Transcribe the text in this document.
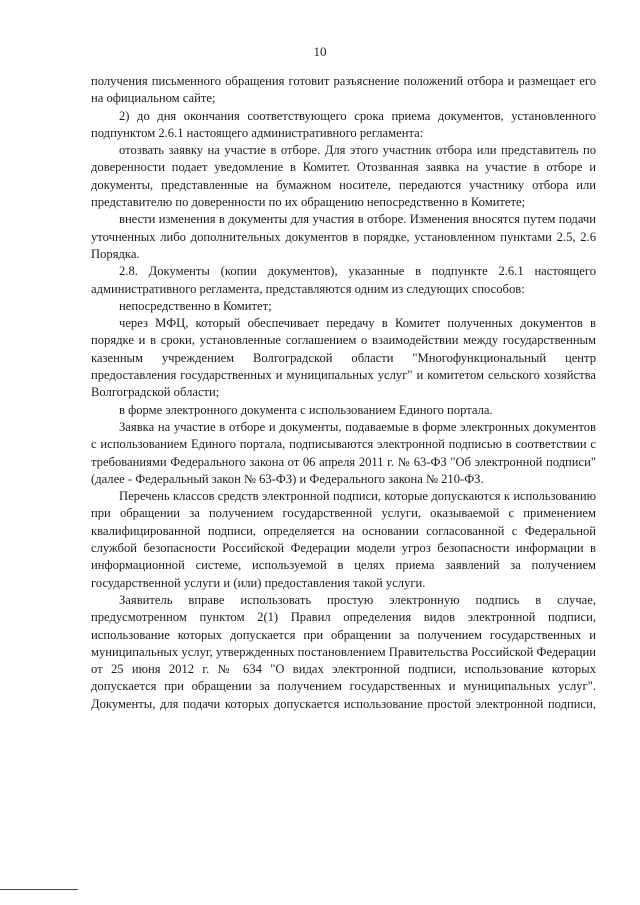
10

получения письменного обращения готовит разъяснение положений отбора и размещает его на официальном сайте;

2) до дня окончания соответствующего срока приема документов, установленного подпунктом 2.6.1 настоящего административного регламента:

отозвать заявку на участие в отборе. Для этого участник отбора или представитель по доверенности подает уведомление в Комитет. Отозванная заявка на участие в отборе и документы, представленные на бумажном носителе, передаются участнику отбора или представителю по доверенности по их обращению непосредственно в Комитете;

внести изменения в документы для участия в отборе. Изменения вносятся путем подачи уточненных либо дополнительных документов в порядке, установленном пунктами 2.5, 2.6 Порядка.

2.8. Документы (копии документов), указанные в подпункте 2.6.1 настоящего административного регламента, представляются одним из следующих способов:

непосредственно в Комитет;

через МФЦ, который обеспечивает передачу в Комитет полученных документов в порядке и в сроки, установленные соглашением о взаимодействии между государственным казенным учреждением Волгоградской области "Многофункциональный центр предоставления государственных и муниципальных услуг" и комитетом сельского хозяйства Волгоградской области;

в форме электронного документа с использованием Единого портала.

Заявка на участие в отборе и документы, подаваемые в форме электронных документов с использованием Единого портала, подписываются электронной подписью в соответствии с требованиями Федерального закона от 06 апреля 2011 г. № 63-ФЗ "Об электронной подписи" (далее - Федеральный закон № 63-ФЗ) и Федерального закона № 210-ФЗ.

Перечень классов средств электронной подписи, которые допускаются к использованию при обращении за получением государственной услуги, оказываемой с применением квалифицированной подписи, определяется на основании согласованной с Федеральной службой безопасности Российской Федерации модели угроз безопасности информации в информационной системе, используемой в целях приема заявлений за получением государственной услуги и (или) предоставления такой услуги.

Заявитель вправе использовать простую электронную подпись в случае, предусмотренном пунктом 2(1) Правил определения видов электронной подписи, использование которых допускается при обращении за получением государственных и муниципальных услуг, утвержденных постановлением Правительства Российской Федерации от 25 июня 2012 г. № 634 "О видах электронной подписи, использование которых допускается при обращении за получением государственных и муниципальных услуг". Документы, для подачи которых допускается использование простой электронной подписи,
